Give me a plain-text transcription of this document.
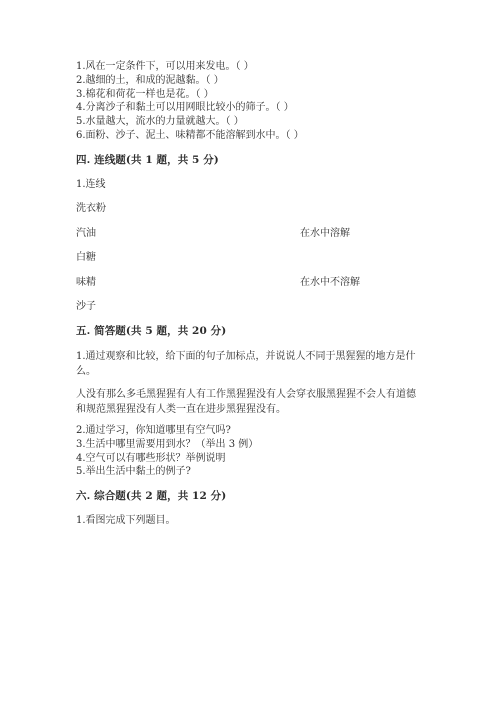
1.风在一定条件下，可以用来发电。（ ）
2.越细的土，和成的泥越黏。（ ）
3.棉花和荷花一样也是花。（ ）
4.分离沙子和黏土可以用网眼比较小的筛子。（ ）
5.水量越大，流水的力量就越大。（ ）
6.面粉、沙子、泥土、味精都不能溶解到水中。（ ）
四. 连线题(共 1 题，共 5 分)
1.连线
洗衣粉
汽油
白糖
味精
沙子
在水中溶解
在水中不溶解
五. 简答题(共 5 题，共 20 分)
1.通过观察和比较，给下面的句子加标点，并说说人不同于黑猩猩的地方是什么。
人没有那么多毛黑猩猩有人有工作黑猩猩没有人会穿衣服黑猩猩不会人有道德和规范黑猩猩没有人类一直在进步黑猩猩没有。
2.通过学习，你知道哪里有空气吗?
3.生活中哪里需要用到水？（举出 3 例）
4.空气可以有哪些形状？举例说明
5.举出生活中黏土的例子?
六. 综合题(共 2 题，共 12 分)
1.看图完成下列题目。
